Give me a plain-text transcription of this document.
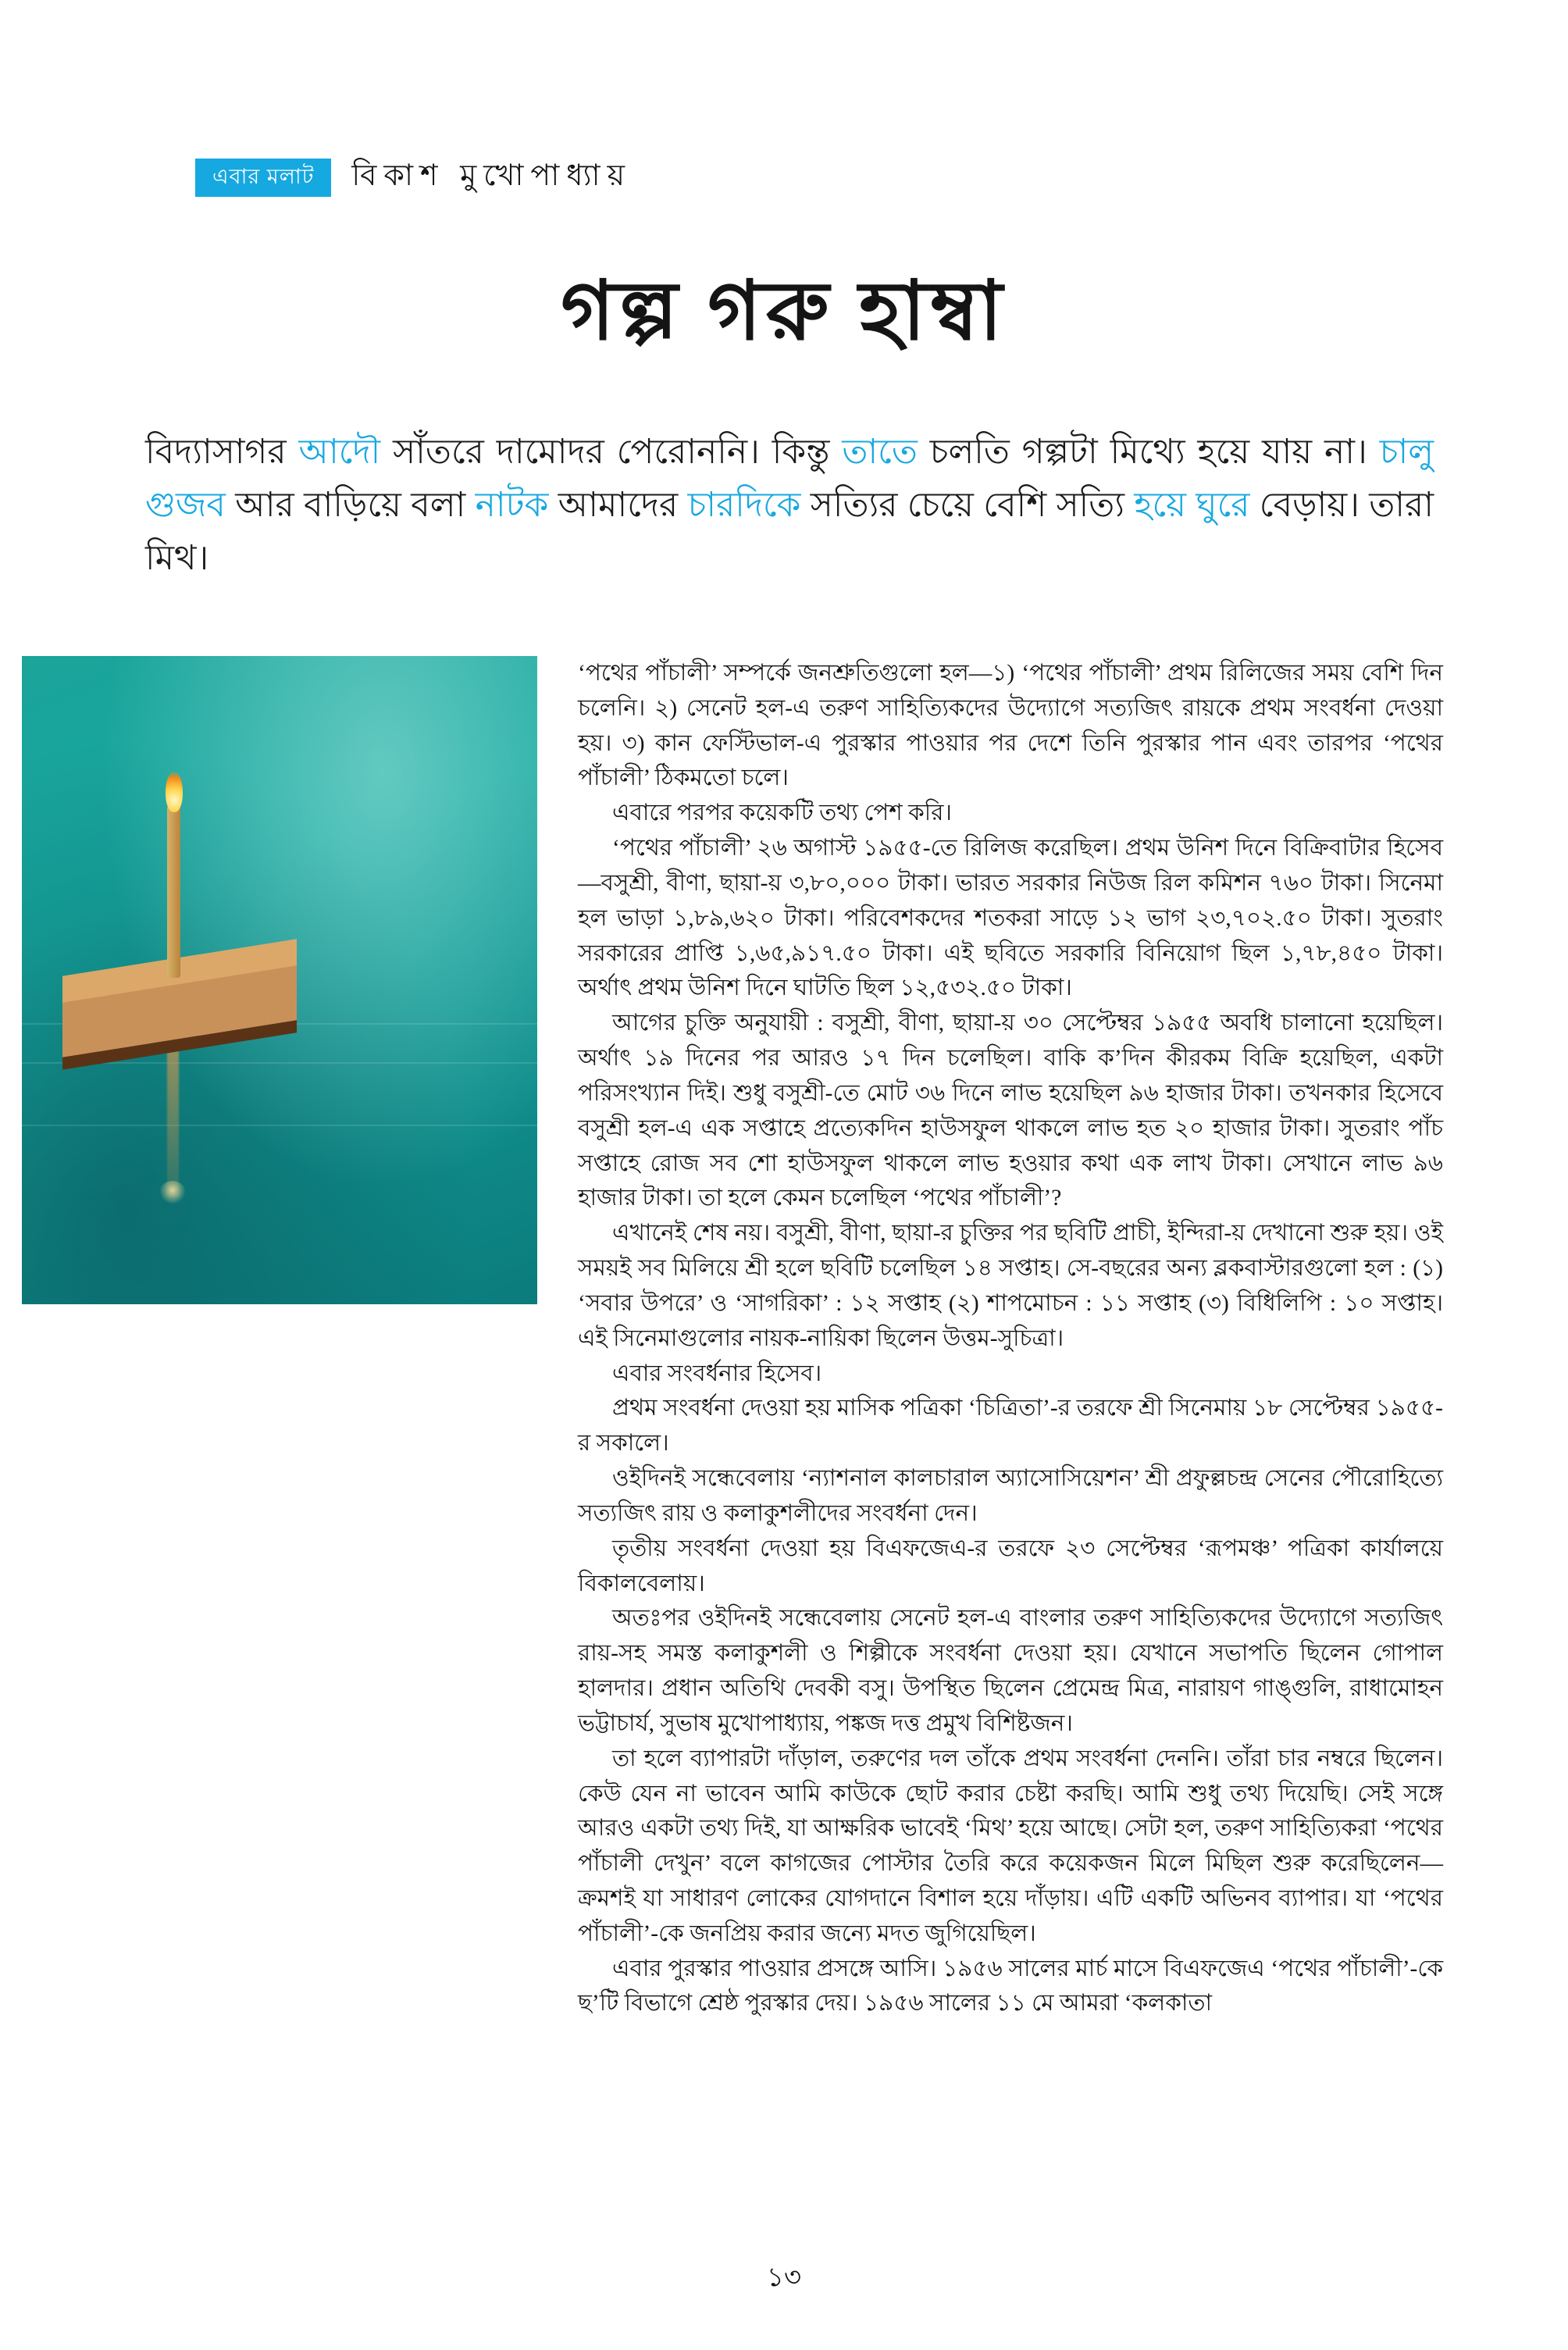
এবার মলাট	বিকাশ মুখোপাধ্যায়
গল্প গরু হাম্বা
বিদ্যাসাগর আদৌ সাঁতরে দামোদর পেরোননি। কিন্তু তাতে চলতি গল্পটা মিথ্যে হয়ে যায় না। চালু গুজব আর বাড়িয়ে বলা নাটক আমাদের চারদিকে সত্যির চেয়ে বেশি সত্যি হয়ে ঘুরে বেড়ায়। তারা মিথ।

‘পথের পাঁচালী’ সম্পর্কে জনশ্রুতিগুলো হল—১) ‘পথের পাঁচালী’ প্রথম রিলিজের সময় বেশি দিন চলেনি। ২) সেনেট হল-এ তরুণ সাহিত্যিকদের উদ্যোগে সত্যজিৎ রায়কে প্রথম সংবর্ধনা দেওয়া হয়। ৩) কান ফেস্টিভাল-এ পুরস্কার পাওয়ার পর দেশে তিনি পুরস্কার পান এবং তারপর ‘পথের পাঁচালী’ ঠিকমতো চলে।

এবারে পরপর কয়েকটি তথ্য পেশ করি।

‘পথের পাঁচালী’ ২৬ অগাস্ট ১৯৫৫-তে রিলিজ করেছিল। প্রথম উনিশ দিনে বিক্রিবাটার হিসেব—বসুশ্রী, বীণা, ছায়া-য় ৩,৮০,০০০ টাকা। ভারত সরকার নিউজ রিল কমিশন ৭৬০ টাকা। সিনেমা হল ভাড়া ১,৮৯,৬২০ টাকা। পরিবেশকদের শতকরা সাড়ে ১২ ভাগ ২৩,৭০২.৫০ টাকা। সুতরাং সরকারের প্রাপ্তি ১,৬৫,৯১৭.৫০ টাকা। এই ছবিতে সরকারি বিনিয়োগ ছিল ১,৭৮,৪৫০ টাকা। অর্থাৎ প্রথম উনিশ দিনে ঘাটতি ছিল ১২,৫৩২.৫০ টাকা।

আগের চুক্তি অনুযায়ী : বসুশ্রী, বীণা, ছায়া-য় ৩০ সেপ্টেম্বর ১৯৫৫ অবধি চালানো হয়েছিল। অর্থাৎ ১৯ দিনের পর আরও ১৭ দিন চলেছিল। বাকি ক’দিন কীরকম বিক্রি হয়েছিল, একটা পরিসংখ্যান দিই। শুধু বসুশ্রী-তে মোট ৩৬ দিনে লাভ হয়েছিল ৯৬ হাজার টাকা। তখনকার হিসেবে বসুশ্রী হল-এ এক সপ্তাহে প্রত্যেকদিন হাউসফুল থাকলে লাভ হত ২০ হাজার টাকা। সুতরাং পাঁচ সপ্তাহে রোজ সব শো হাউসফুল থাকলে লাভ হওয়ার কথা এক লাখ টাকা। সেখানে লাভ ৯৬ হাজার টাকা। তা হলে কেমন চলেছিল ‘পথের পাঁচালী’?

এখানেই শেষ নয়। বসুশ্রী, বীণা, ছায়া-র চুক্তির পর ছবিটি প্রাচী, ইন্দিরা-য় দেখানো শুরু হয়। ওই সময়ই সব মিলিয়ে শ্রী হলে ছবিটি চলেছিল ১৪ সপ্তাহ। সে-বছরের অন্য ব্লকবাস্টারগুলো হল : (১) ‘সবার উপরে’ ও ‘সাগরিকা’ : ১২ সপ্তাহ (২) শাপমোচন : ১১ সপ্তাহ (৩) বিধিলিপি : ১০ সপ্তাহ। এই সিনেমাগুলোর নায়ক-নায়িকা ছিলেন উত্তম-সুচিত্রা।

এবার সংবর্ধনার হিসেব।

প্রথম সংবর্ধনা দেওয়া হয় মাসিক পত্রিকা ‘চিত্রিতা’-র তরফে শ্রী সিনেমায় ১৮ সেপ্টেম্বর ১৯৫৫-র সকালে।

ওইদিনই সন্ধেবেলায় ‘ন্যাশনাল কালচারাল অ্যাসোসিয়েশন’ শ্রী প্রফুল্লচন্দ্র সেনের পৌরোহিত্যে সত্যজিৎ রায় ও কলাকুশলীদের সংবর্ধনা দেন।

তৃতীয় সংবর্ধনা দেওয়া হয় বিএফজেএ-র তরফে ২৩ সেপ্টেম্বর ‘রূপমঞ্চ’ পত্রিকা কার্যালয়ে বিকালবেলায়।

অতঃপর ওইদিনই সন্ধেবেলায় সেনেট হল-এ বাংলার তরুণ সাহিত্যিকদের উদ্যোগে সত্যজিৎ রায়-সহ সমস্ত কলাকুশলী ও শিল্পীকে সংবর্ধনা দেওয়া হয়। যেখানে সভাপতি ছিলেন গোপাল হালদার। প্রধান অতিথি দেবকী বসু। উপস্থিত ছিলেন প্রেমেন্দ্র মিত্র, নারায়ণ গাঙ্গুলি, রাধামোহন ভট্টাচার্য, সুভাষ মুখোপাধ্যায়, পঙ্কজ দত্ত প্রমুখ বিশিষ্টজন।

তা হলে ব্যাপারটা দাঁড়াল, তরুণের দল তাঁকে প্রথম সংবর্ধনা দেননি। তাঁরা চার নম্বরে ছিলেন। কেউ যেন না ভাবেন আমি কাউকে ছোট করার চেষ্টা করছি। আমি শুধু তথ্য দিয়েছি। সেই সঙ্গে আরও একটা তথ্য দিই, যা আক্ষরিক ভাবেই ‘মিথ’ হয়ে আছে। সেটা হল, তরুণ সাহিত্যিকরা ‘পথের পাঁচালী দেখুন’ বলে কাগজের পোস্টার তৈরি করে কয়েকজন মিলে মিছিল শুরু করেছিলেন—ক্রমশই যা সাধারণ লোকের যোগদানে বিশাল হয়ে দাঁড়ায়। এটি একটি অভিনব ব্যাপার। যা ‘পথের পাঁচালী’-কে জনপ্রিয় করার জন্যে মদত জুগিয়েছিল।

এবার পুরস্কার পাওয়ার প্রসঙ্গে আসি। ১৯৫৬ সালের মার্চ মাসে বিএফজেএ ‘পথের পাঁচালী’-কে ছ’টি বিভাগে শ্রেষ্ঠ পুরস্কার দেয়। ১৯৫৬ সালের ১১ মে আমরা ‘কলকাতা

১৩
